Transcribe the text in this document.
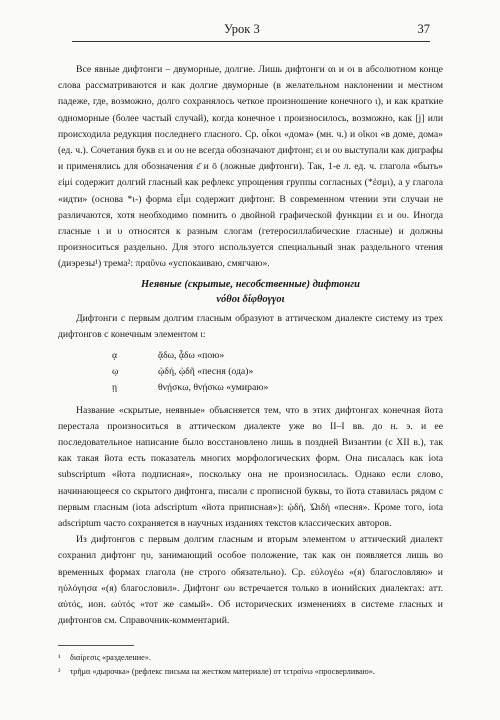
Урок 3	37

Все явные дифтонги – двуморные, долгие. Лишь дифтонги αι и οι в абсолютном конце слова рассматриваются и как долгие двуморные (в желательном наклонении и местном падеже, где, возможно, долго сохранялось четкое произношение конечного ι), и как краткие одноморные (более частый случай), когда конечное ι произносилось, возможно, как [j] или происходила редукция последнего гласного. Ср. οἶκοι «дома» (мн. ч.) и οἴκοι «в доме, дома» (ед. ч.). Сочетания букв ει и ου не всегда обозначают дифтонг, ει и ου выступали как диграфы и применялись для обозначения ε̄ и ō (ложные дифтонги). Так, 1-е л. ед. ч. глагола «быть» εἰμί содержит долгий гласный как рефлекс упрощения группы согласных (*ἐσμι), а у глагола «идти» (основа *ι-) форма εἶμι содержит дифтонг. В современном чтении эти случаи не различаются, хотя необходимо помнить о двойной графической функции ει и ου. Иногда гласные ι и υ относятся к разным слогам (гетеросиллабические гласные) и должны произноситься раздельно. Для этого используется специальный знак раздельного чтения (диэрезы¹) трема²: πραΰνω «успокаиваю, смягчаю».

Неявные (скрытые, несобственные) дифтонги
νόθοι δίφθογγοι

Дифтонги с первым долгим гласным образуют в аттическом диалекте систему из трех дифтонгов с конечным элементом ι:

ᾳ	ᾄδω, ᾆδω «пою»
ῳ	ᾠδή, ᾠδῆ «песня (ода)»
ῃ	θνῄσκω, θνῄσκω «умираю»

Название «скрытые, неявные» объясняется тем, что в этих дифтонгах конечная йота перестала произноситься в аттическом диалекте уже во II–I вв. до н. э. и ее последовательное написание было восстановлено лишь в поздней Византии (с XII в.), так как такая йота есть показатель многих морфологических форм. Она писалась как iota subscriptum «йота подписная», поскольку она не произносилась. Однако если слово, начинающееся со скрытого дифтонга, писали с прописной буквы, то йота ставилась рядом с первым гласным (iota adscriptum «йота приписная»): ᾠδή, Ὠιδή «песня». Кроме того, iota adscriptum часто сохраняется в научных изданиях текстов классических авторов.

Из дифтонгов с первым долгим гласным и вторым элементом υ аттический диалект сохранил дифтонг ηυ, занимающий особое положение, так как он появляется лишь во временных формах глагола (не строго обязательно). Ср. εὐλογέω «(я) благословляю» и ηὐλόγησα «(я) благословил». Дифтонг ωυ встречается только в ионийских диалектах: атт. αὐτός, ион. ωὐτός «тот же самый». Об исторических изменениях в системе гласных и дифтонгов см. Справочник-комментарий.

¹ διαίρεσις «разделение».

² τρῆμα «дырочка» (рефлекс письма на жестком материале) от τετραίνω «просверливаю».
